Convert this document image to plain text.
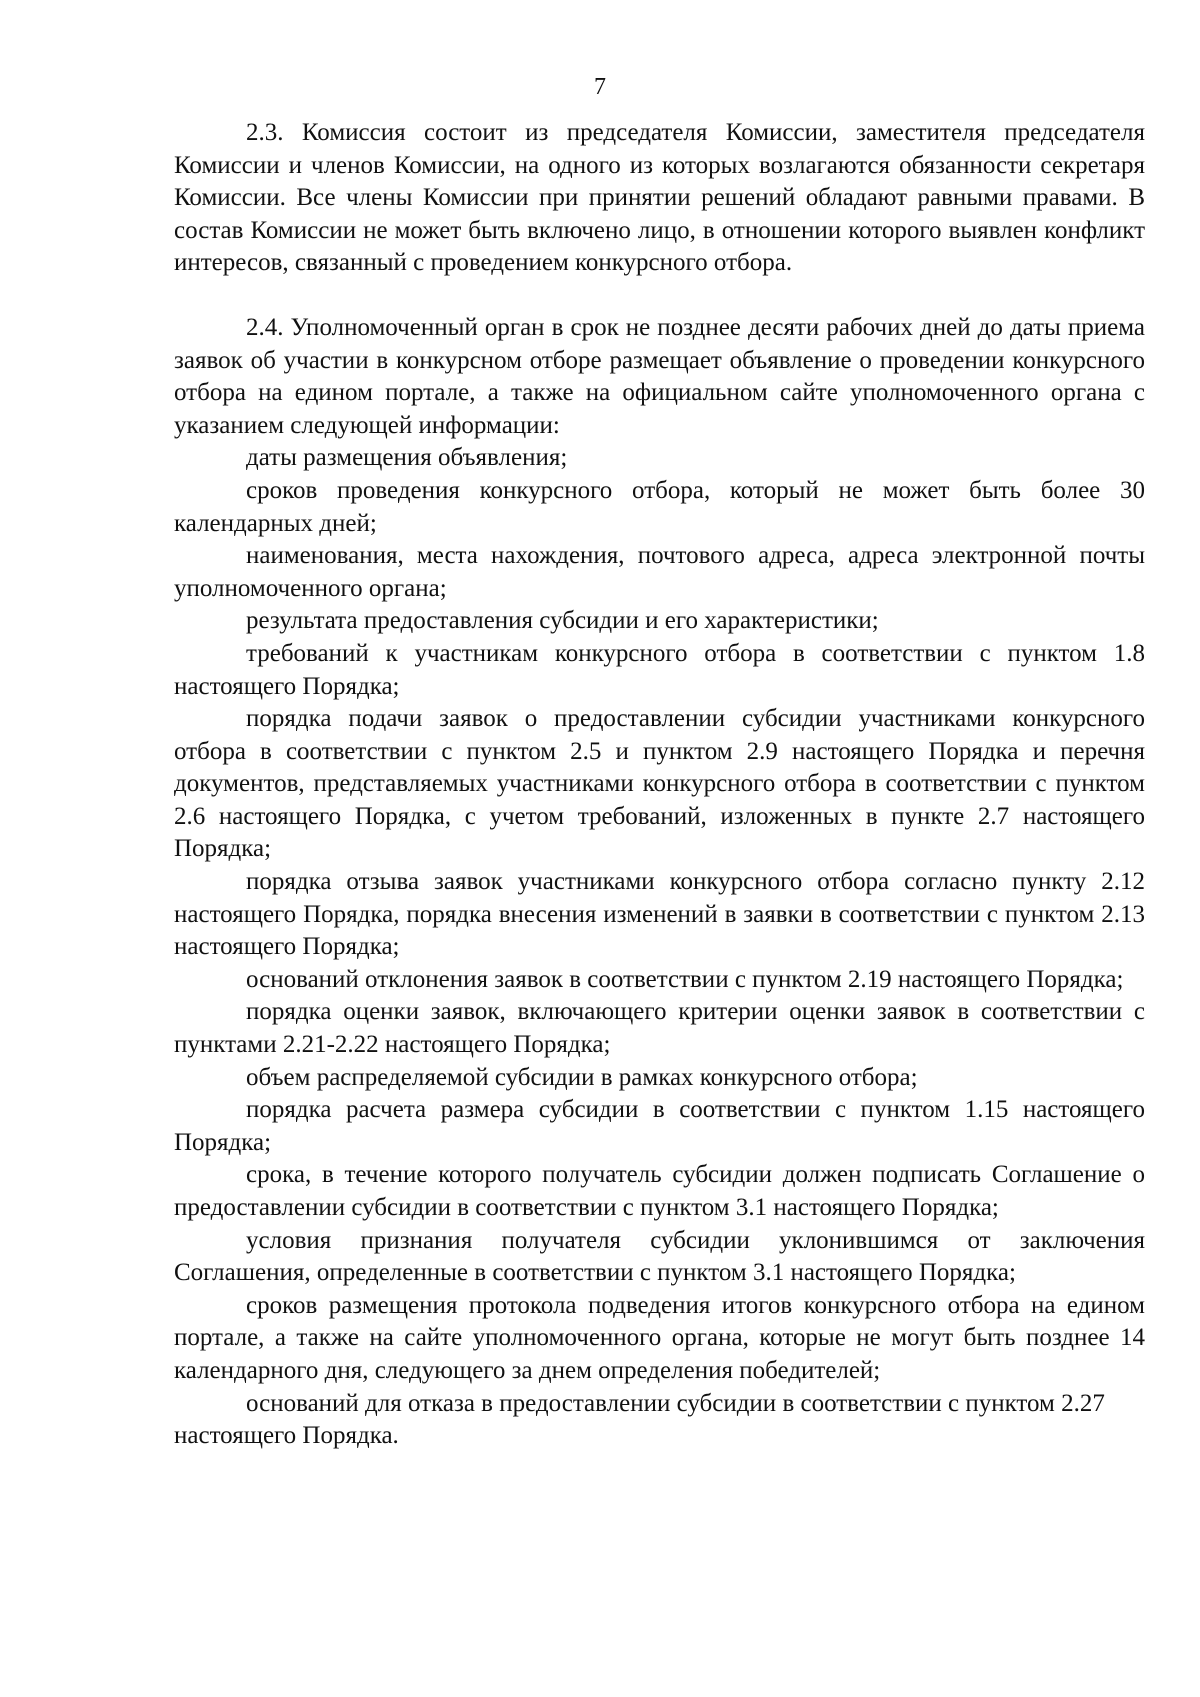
7

2.3. Комиссия состоит из председателя Комиссии, заместителя председателя Комиссии и членов Комиссии, на одного из которых возлагаются обязанности секретаря Комиссии. Все члены Комиссии при принятии решений обладают равными правами. В состав Комиссии не может быть включено лицо, в отношении которого выявлен конфликт интересов, связанный с проведением конкурсного отбора.

2.4. Уполномоченный орган в срок не позднее десяти рабочих дней до даты приема заявок об участии в конкурсном отборе размещает объявление о проведении конкурсного отбора на едином портале, а также на официальном сайте уполномоченного органа с указанием следующей информации:

даты размещения объявления;

сроков проведения конкурсного отбора, который не может быть более 30 календарных дней;

наименования, места нахождения, почтового адреса, адреса электронной почты уполномоченного органа;

результата предоставления субсидии и его характеристики;

требований к участникам конкурсного отбора в соответствии с пунктом 1.8 настоящего Порядка;

порядка подачи заявок о предоставлении субсидии участниками конкурсного отбора в соответствии с пунктом 2.5 и пунктом 2.9 настоящего Порядка и перечня документов, представляемых участниками конкурсного отбора в соответствии с пунктом 2.6 настоящего Порядка, с учетом требований, изложенных в пункте 2.7 настоящего Порядка;

порядка отзыва заявок участниками конкурсного отбора согласно пункту 2.12 настоящего Порядка, порядка внесения изменений в заявки в соответствии с пунктом 2.13 настоящего Порядка;

оснований отклонения заявок в соответствии с пунктом 2.19 настоящего Порядка;

порядка оценки заявок, включающего критерии оценки заявок в соответствии с пунктами 2.21-2.22 настоящего Порядка;

объем распределяемой субсидии в рамках конкурсного отбора;

порядка расчета размера субсидии в соответствии с пунктом 1.15 настоящего Порядка;

срока, в течение которого получатель субсидии должен подписать Соглашение о предоставлении субсидии в соответствии с пунктом 3.1 настоящего Порядка;

условия признания получателя субсидии уклонившимся от заключения Соглашения, определенные в соответствии с пунктом 3.1 настоящего Порядка;

сроков размещения протокола подведения итогов конкурсного отбора на едином портале, а также на сайте уполномоченного органа, которые не могут быть позднее 14 календарного дня, следующего за днем определения победителей;

оснований для отказа в предоставлении субсидии в соответствии с пунктом 2.27 настоящего Порядка.
